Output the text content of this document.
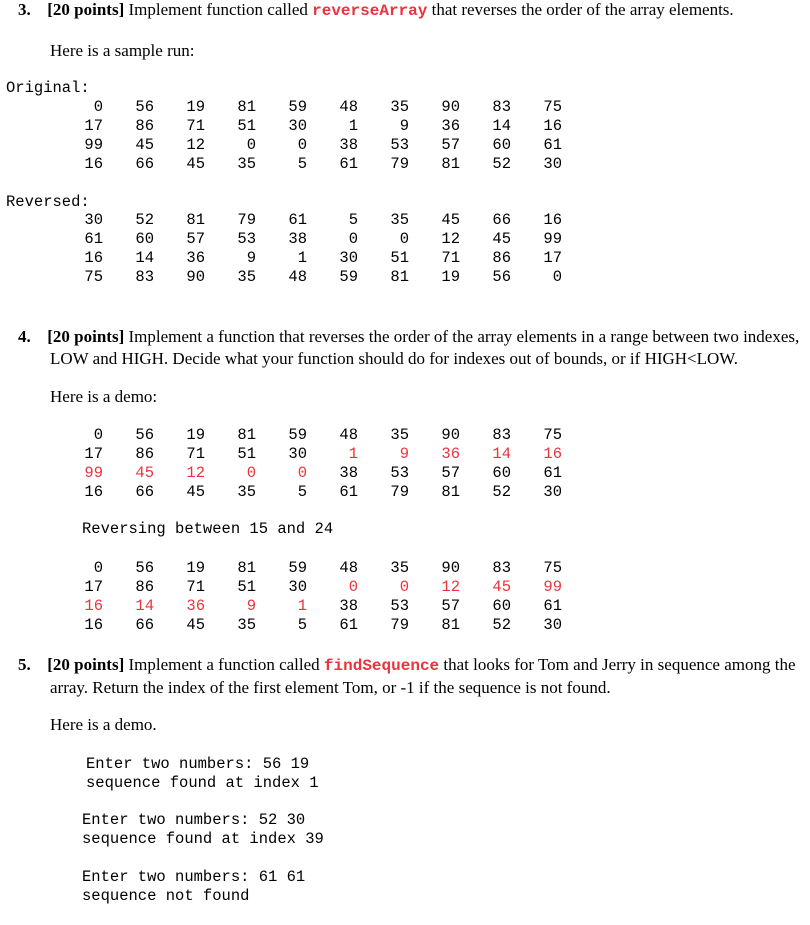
3. [20 points] Implement function called reverseArray that reverses the order of the array elements.
Here is a sample run:
Original:
0	56	19	81	59	48	35	90	83	75
17	86	71	51	30	1	9	36	14	16
99	45	12	0	0	38	53	57	60	61
16	66	45	35	5	61	79	81	52	30
Reversed:
30	52	81	79	61	5	35	45	66	16
61	60	57	53	38	0	0	12	45	99
16	14	36	9	1	30	51	71	86	17
75	83	90	35	48	59	81	19	56	0
4. [20 points] Implement a function that reverses the order of the array elements in a range between two indexes,
LOW and HIGH. Decide what your function should do for indexes out of bounds, or if HIGH<LOW.
Here is a demo:
0	56	19	81	59	48	35	90	83	75
17	86	71	51	30	1	9	36	14	16
99	45	12	0	0	38	53	57	60	61
16	66	45	35	5	61	79	81	52	30
Reversing between 15 and 24
0	56	19	81	59	48	35	90	83	75
17	86	71	51	30	0	0	12	45	99
16	14	36	9	1	38	53	57	60	61
16	66	45	35	5	61	79	81	52	30
5. [20 points] Implement a function called findSequence that looks for Tom and Jerry in sequence among the
array. Return the index of the first element Tom, or -1 if the sequence is not found.
Here is a demo.
Enter two numbers: 56 19
sequence found at index 1
Enter two numbers: 52 30
sequence found at index 39
Enter two numbers: 61 61
sequence not found
